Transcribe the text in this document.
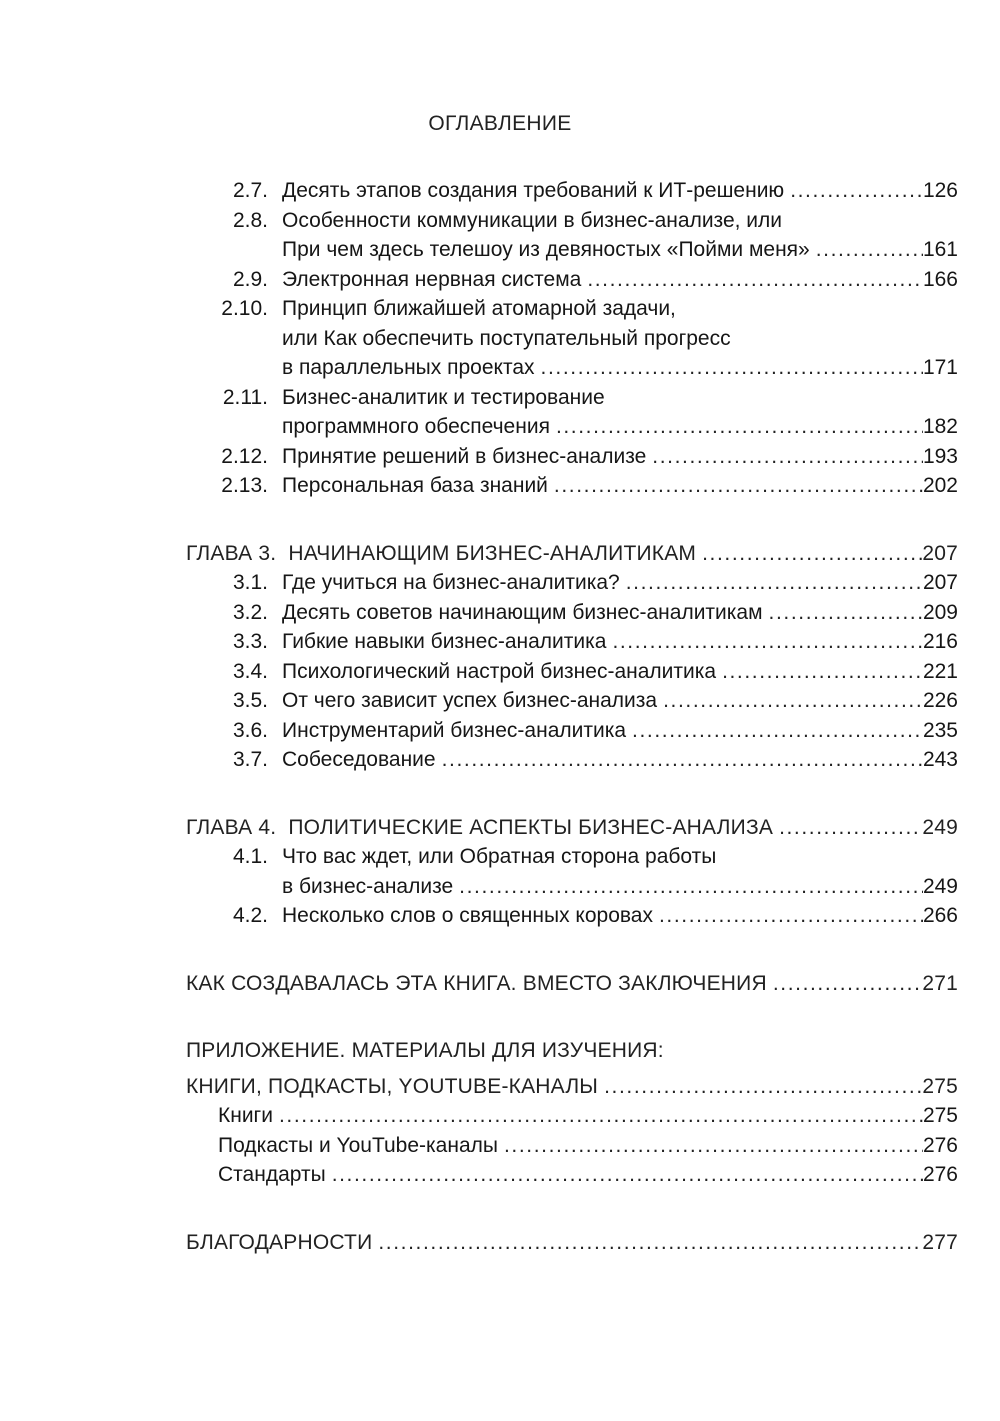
ОГЛАВЛЕНИЕ
2.7. Десять этапов создания требований к ИТ-решению .....	126
2.8. Особенности коммуникации в бизнес-анализе, или
При чем здесь телешоу из девяностых «Пойми меня» .....	161
2.9. Электронная нервная система .....	166
2.10. Принцип ближайшей атомарной задачи,
или Как обеспечить поступательный прогресс
в параллельных проектах .....	171
2.11. Бизнес-аналитик и тестирование
программного обеспечения .....	182
2.12. Принятие решений в бизнес-анализе .....	193
2.13. Персональная база знаний .....	202
ГЛАВА 3.
НАЧИНАЮЩИМ БИЗНЕС-АНАЛИТИКАМ .....	207
3.1. Где учиться на бизнес-аналитика? .....	207
3.2. Десять советов начинающим бизнес-аналитикам .....	209
3.3. Гибкие навыки бизнес-аналитика .....	216
3.4. Психологический настрой бизнес-аналитика .....	221
3.5. От чего зависит успех бизнес-анализа .....	226
3.6. Инструментарий бизнес-аналитика .....	235
3.7. Собеседование .....	243
ГЛАВА 4.
ПОЛИТИЧЕСКИЕ АСПЕКТЫ БИЗНЕС-АНАЛИЗА .....	249
4.1. Что вас ждет, или Обратная сторона работы
в бизнес-анализе .....	249
4.2. Несколько слов о священных коровах .....	266
КАК СОЗДАВАЛАСЬ ЭТА КНИГА. ВМЕСТО ЗАКЛЮЧЕНИЯ .....	271
ПРИЛОЖЕНИЕ. МАТЕРИАЛЫ ДЛЯ ИЗУЧЕНИЯ:
КНИГИ, ПОДКАСТЫ, YOUTUBE-КАНАЛЫ .....	275
Книги .....	275
Подкасты и YouTube-каналы .....	276
Стандарты .....	276
БЛАГОДАРНОСТИ .....	277
